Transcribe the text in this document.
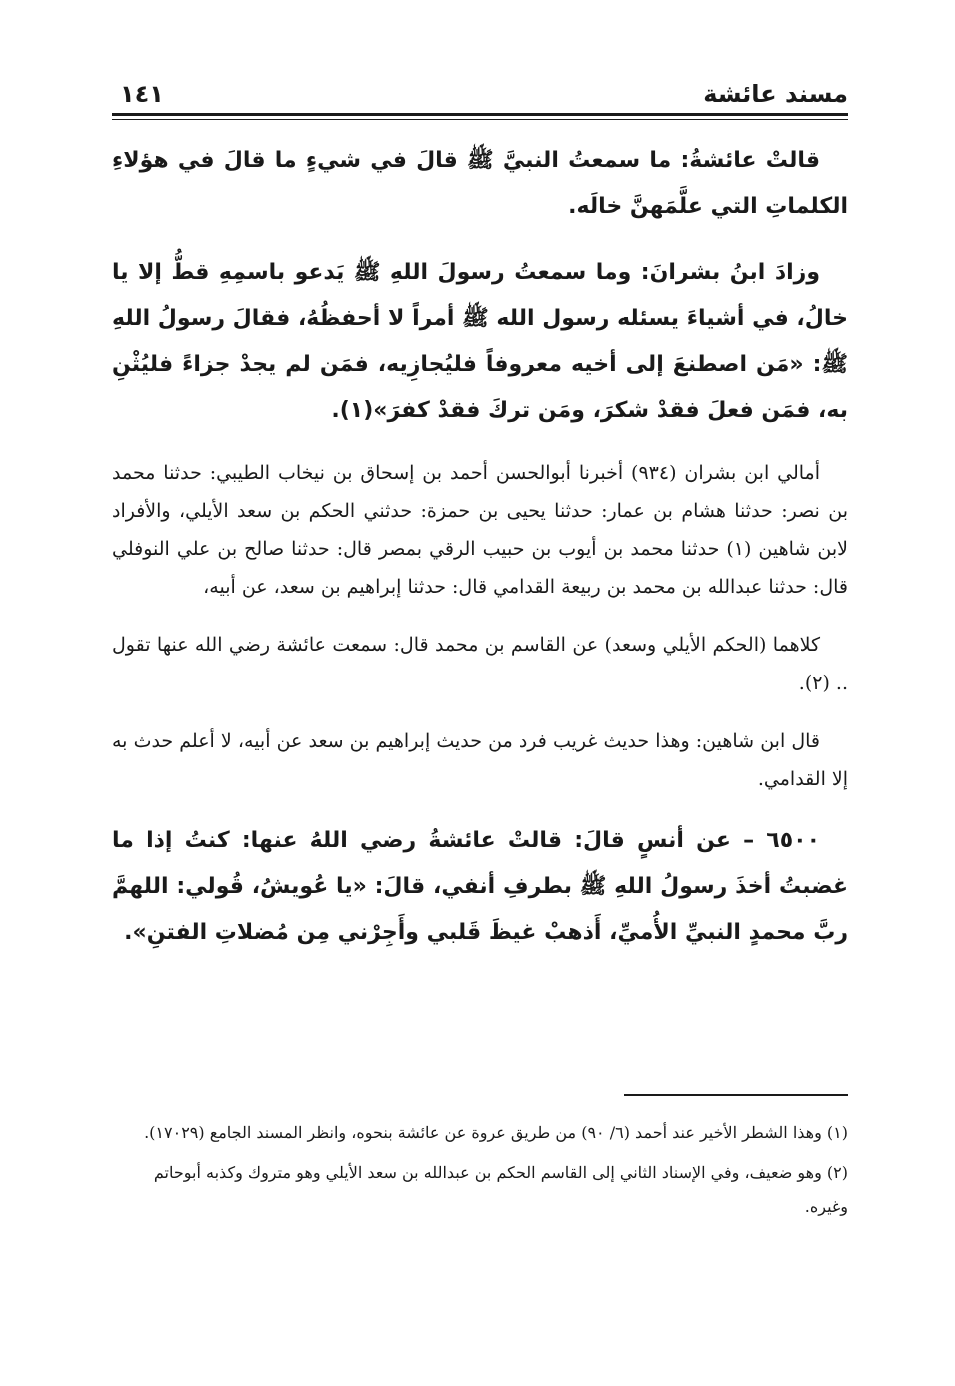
مسند عائشة
١٤١

قالتْ عائشةُ: ما سمعتُ النبيَّ ﷺ قالَ في شيءٍ ما قالَ في هؤلاءِ الكلماتِ التي علَّمَهنَّ خالَه.

وزادَ ابنُ بشرانَ: وما سمعتُ رسولَ اللهِ ﷺ يَدعو باسمِهِ قطُّ إلا يا خالُ، في أشياءَ يسئله رسول الله ﷺ أمراً لا أحفظُهُ، فقالَ رسولُ اللهِ ﷺ: «مَن اصطنعَ إلى أخيه معروفاً فليُجازِيه، فمَن لم يجدْ جزاءً فليُثْنِ به، فمَن فعلَ فقدْ شكرَ، ومَن تركَ فقدْ كفرَ»(١).

أمالي ابن بشران (٩٣٤) أخبرنا أبوالحسن أحمد بن إسحاق بن نيخاب الطيبي: حدثنا محمد بن نصر: حدثنا هشام بن عمار: حدثنا يحيى بن حمزة: حدثني الحكم بن سعد الأيلي، والأفراد لابن شاهين (١) حدثنا محمد بن أيوب بن حبيب الرقي بمصر قال: حدثنا صالح بن علي النوفلي قال: حدثنا عبدالله بن محمد بن ربيعة القدامي قال: حدثنا إبراهيم بن سعد، عن أبيه،

كلاهما (الحكم الأيلي وسعد) عن القاسم بن محمد قال: سمعت عائشة رضي الله عنها تقول .. (٢).

قال ابن شاهين: وهذا حديث غريب فرد من حديث إبراهيم بن سعد عن أبيه، لا أعلم حدث به إلا القدامي.

٦٥٠٠ – عن أنسٍ قالَ: قالتْ عائشةُ رضي اللهُ عنها: كنتُ إذا ما غضبتُ أخذَ رسولُ اللهِ ﷺ بطرفِ أنفي، قالَ: «يا عُويشُ، قُولي: اللهمَّ ربَّ محمدٍ النبيِّ الأُميِّ، أَذهبْ غيظَ قَلبي وأَجِرْني مِن مُضلاتِ الفتنِ».

(١) وهذا الشطر الأخير عند أحمد (٦/ ٩٠) من طريق عروة عن عائشة بنحوه، وانظر المسند الجامع (١٧٠٢٩).

(٢) وهو ضعيف، وفي الإسناد الثاني إلى القاسم الحكم بن عبدالله بن سعد الأيلي وهو متروك وكذبه أبوحاتم وغيره.
